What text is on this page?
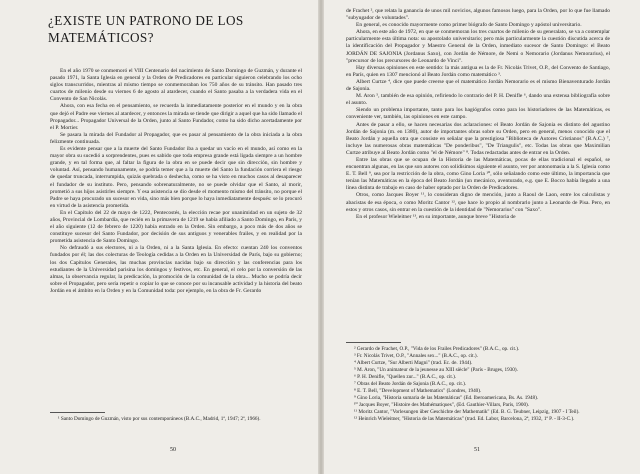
¿EXISTE UN PATRONO DE LOS MATEMÁTICOS?

En el año 1970 se conmemoró el VIII Centenario del nacimiento de Santo Domingo de Guzmán, y durante el pasado 1971, la Santa Iglesia en general y la Orden de Predicadores en particular siguieron celebrando los ocho siglos transcurridos, mientras al mismo tiempo se conmemoraban los 750 años de su tránsito. Han pasado tres cuartos de milenio desde su viernes 6 de agosto al atardecer, cuando el Santo pasaba a la verdadera vida en el Convento de San Nicolás.

Ahora, con esa fecha en el pensamiento, se recuerda la inmediatamente posterior en el mundo y en la obra que dejó el Padre ese viernes al atardecer, y entonces la mirada se tiende que dirigir a aquel que ha sido llamado el Propagador... Propagador Universal de la Orden, junto al Santo Fundador, como ha sido dicho acertadamente por el P. Mortier.

Se pasara la mirada del Fundador al Propagador, que es pasar al pensamiento de la obra iniciada a la obra felizmente continuada.

Es evidente pensar que a la muerte del Santo Fundador iba a quedar un vacío en el mundo, así como en la mayor obra su sucedió a sorprendentes, pues es sabido que toda empresa grande está ligada siempre a un hombre grande, y en tal forma que, al faltar la figura de la obra en se puede decir que sin dirección, sin hombre y voluntad. Así, pensando humanamente, se podría temer que a la muerte del Santo la fundación corriera el riesgo de quedar truncada, interrumpida, quizás quebrada o deshecha, como se ha visto en muchos casos al desaparecer el fundador de su instituto. Pero, pensando sobrenaturalmente, no se puede olvidar que el Santo, al morir, prometió a sus hijos asistirles siempre. Y esa asistencia se dio desde el momento mismo del tránsito, no porque el Padre se haya procurado un sucesor en vida, sino más bien porque lo haya inmediatamente después: se lo procuró en virtud de la asistencia prometida.

En el Capítulo del 22 de mayo de 1222, Pentecostés, la elección recae por unanimidad en un sujeto de 32 años, Provincial de Lombardía, que recién en la primavera de 1219 se había afiliado a Santo Domingo, en París, y el año siguiente (12 de febrero de 1220) había entrado en la Orden. Sin embargo, a poco más de dos años se constituye sucesor del Santo Fundador, por decisión de sus antiguos y venerables frailes, y en realidad por la prometida asistencia de Santo Domingo.

No defraudó a sus electores, ni a la Orden, ni a la Santa Iglesia. En efecto: cuentan 240 los conventos fundados por él; las dos colecturas de Teología cedidas a la Orden en la Universidad de París, bajo su gobierno; los dos Capítulos Generales, las muchas provincias nacidas bajo su dirección y las conferencias para los estudiantes de la Universidad parisina los domingos y festivos, etc. En general, el celo por la conversión de las almas, la observancia regular, la predicación, la promoción de la comunidad de la obra... Mucho se podría decir sobre el Propagador, pero sería repetir o copiar lo que se conoce por su incansable actividad y la historia del beato Jordán en el ámbito en la Orden y en la Comunidad toda: por ejemplo, en la obra de Fr. Gerardo

¹ Santo Domingo de Guzmán, visto por sus contemporáneos (B.A.C., Madrid, 1ª, 1947; 2ª, 1966).

50

de Frachet ², que relata la ganancia de unos mil novicios, algunos famosos luego, para la Orden, por lo que fue llamado "subyugador de voluntades".

En general, es conocido mayormente como primer biógrafo de Santo Domingo y apóstol universitario.

Ahora, en este año de 1972, en que se conmemoran los tres cuartos de milenio de su generalato, se va a contemplar particularmente esta última nota: su apostolado universitario; pero más particularmente la cuestión discutida acerca de la identificación del Propagador y Maestro General de la Orden, inmediato sucesor de Santo Domingo: el Beato JORDÁN DE SAJONIA (Jordanus Saxo), con Jordán de Némore, de Nemi o Nemorario (Jordanus Nemorarius), el "precursor de los precursores de Leonardo de Vinci".

Hay diversas opiniones en este sentido: la más antigua es la de Fr. Nicolás Trivet, O.P., del Convento de Santiago, en París, quien en 1307 mencionó al Beato Jordán como matemático ³.

Albert Curtze ⁴, dice que puede creerse que el matemático Jordán Nemorario es el mismo Bienaventurado Jordán de Sajonia.

M. Aron ⁵, también de esa opinión, refiriendo lo contrario del P. H. Denifle ⁶, dando una extensa bibliografía sobre el asunto.

Siendo un problema importante, tanto para los hagiógrafos como para los historiadores de las Matemáticas, es conveniente ver, también, las opiniones en este campo.

Antes de pasar a ello, se hacen necesarias dos aclaraciones: el Beato Jordán de Sajonia es distinto del agustino Jordán de Sajonia (m. en 1380), autor de importantes obras sobre su Orden, pero en general, menos conocido que el Beato Jordán y aquella otra que consiste en señalar que la prestigiosa "Biblioteca de Autores Cristianos" (B.A.C.) ⁷, incluye las numerosas obras matemáticas "De ponderibus", "De Triangulis", etc. Todas las obras que Maximilian Curtze atribuye al Beato Jordán como "el de Némore" ⁸. Todas redactadas antes de entrar en la Orden.

Entre las obras que se ocupan de la Historia de las Matemáticas, pocas de ellas tradicional el español, se encuentran algunas, en las que son autores con solidísimos siguiente el asunto, ver por antonomasia a la S. Iglesia como E. T. Bell ⁹, sea por la restricción de la obra, como Gino Loria ¹⁰, sólo señalando como este último, la importancia que tenían las Matemáticas en la época del Beato Jordán (un mecánico, aventurado, e.g. que E. Bocco había llegado a una línea distinta de trabajo en caso de haber optado por la Orden de Predicadores.

Otros, como Jacques Boyer ¹¹, lo consideran digno de mención, junto a Raoul de Laon, entre los calculistas y abacistas de esa época, o como Moritz Cantor ¹², que hace lo propio al nombrarlo junto a Leonardo de Pisa. Pero, en estos y otros casos, sin entrar en la cuestión de la identidad de "Nemorarius" con "Saxo".

En el profesor Wieleitner ¹³, en su importante, aunque breve "Historia de

² Gerardo de Frachet, O.P., "Vida de los Frailes Predicadores" (B.A.C., op. cit.).

³ Fr. Nicolás Trivet, O.P., "Annales sex..." (B.A.C., op. cit.).

⁴ Albert Curtze, "Sur Alberti Magni" (trad. Ec. de. 1944).

⁵ M. Aron, "Un animateur de la jeunesse au XIII siècle" (París - Bruges, 1930).

⁶ P. H. Denifle, "Quellen zur..." (B.A.C., op. cit.).

⁷ Obras del Beato Jordán de Sajonia (B.A.C., op. cit.).

⁸ E. T. Bell, "Development of Mathematics" (Londres, 1940).

⁹ Gino Loria, "Historia sumaria de las Matemáticas" (Ed. Iberoamericana, Bs. As. 1948).

¹⁰ Jacques Boyer, "Histoire des Mathématiques", (Ed. Gauthier-Villars, París, 1900).

¹¹ Moritz Cantor, "Vorlesungen über Geschichte der Mathematik" (Ed. B. G. Teubner, Leipzig, 1907 - I Teil).

¹² Heinrich Wieleitner, "Historia de las Matemáticas" (trad. Ed. Labor, Barcelona, 2ª, 1932, 1ª P. - II-3-C.).

51
